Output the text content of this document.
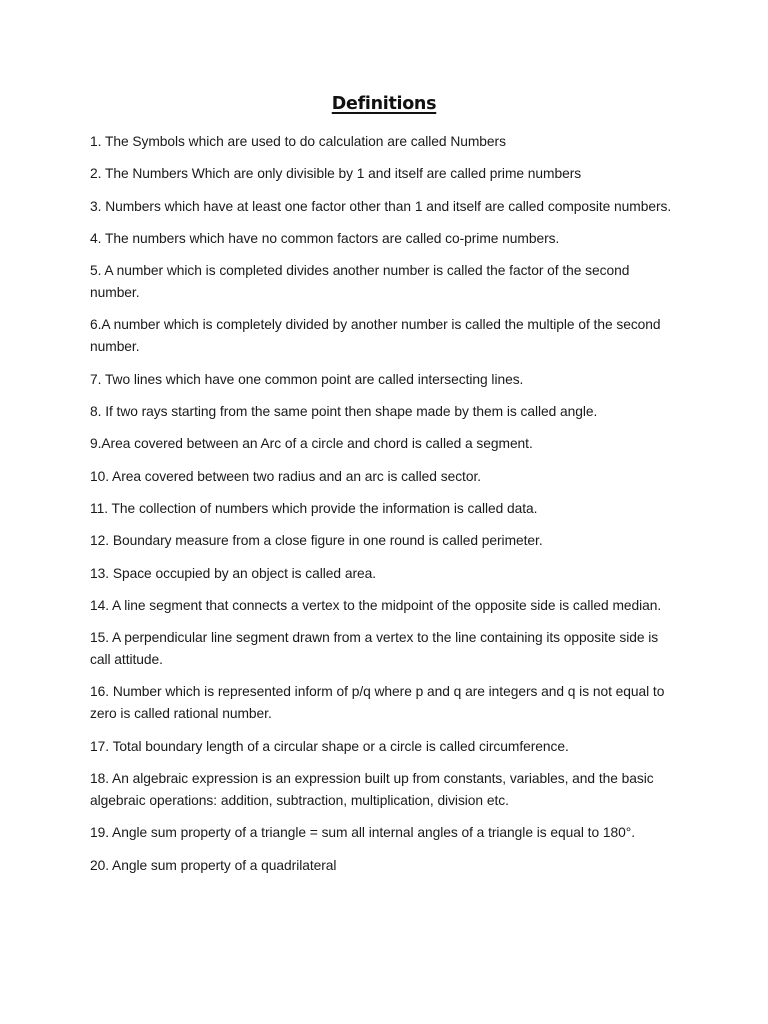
Definitions
1. The Symbols which are used to do calculation are called Numbers
2. The Numbers Which are only divisible by 1 and itself are called prime numbers
3. Numbers which have at least one factor other than 1 and itself are called composite numbers.
4. The numbers which have no common factors are called co-prime numbers.
5. A number which is completed divides another number is called the factor of the second number.
6.A number which is completely divided by another number is called the multiple of the second number.
7. Two lines which have one common point are called intersecting lines.
8. If two rays starting from the same point then shape made by them is called angle.
9.Area covered between an Arc of a circle and chord is called a segment.
10. Area covered between two radius and an arc is called sector.
11. The collection of numbers which provide the information is called data.
12. Boundary measure from a close figure in one round is called perimeter.
13. Space occupied by an object is called area.
14. A line segment that connects a vertex to the midpoint of the opposite side is called median.
15. A perpendicular line segment drawn from a vertex to the line containing its opposite side is call attitude.
16. Number which is represented inform of p/q where p and q are integers and q is not equal to zero is called rational number.
17. Total boundary length of a circular shape or a circle is called circumference.
18. An algebraic expression is an expression built up from constants, variables, and the basic algebraic operations: addition, subtraction, multiplication, division etc.
19. Angle sum property of a triangle = sum all internal angles of a triangle is equal to 180°.
20. Angle sum property of a quadrilateral
